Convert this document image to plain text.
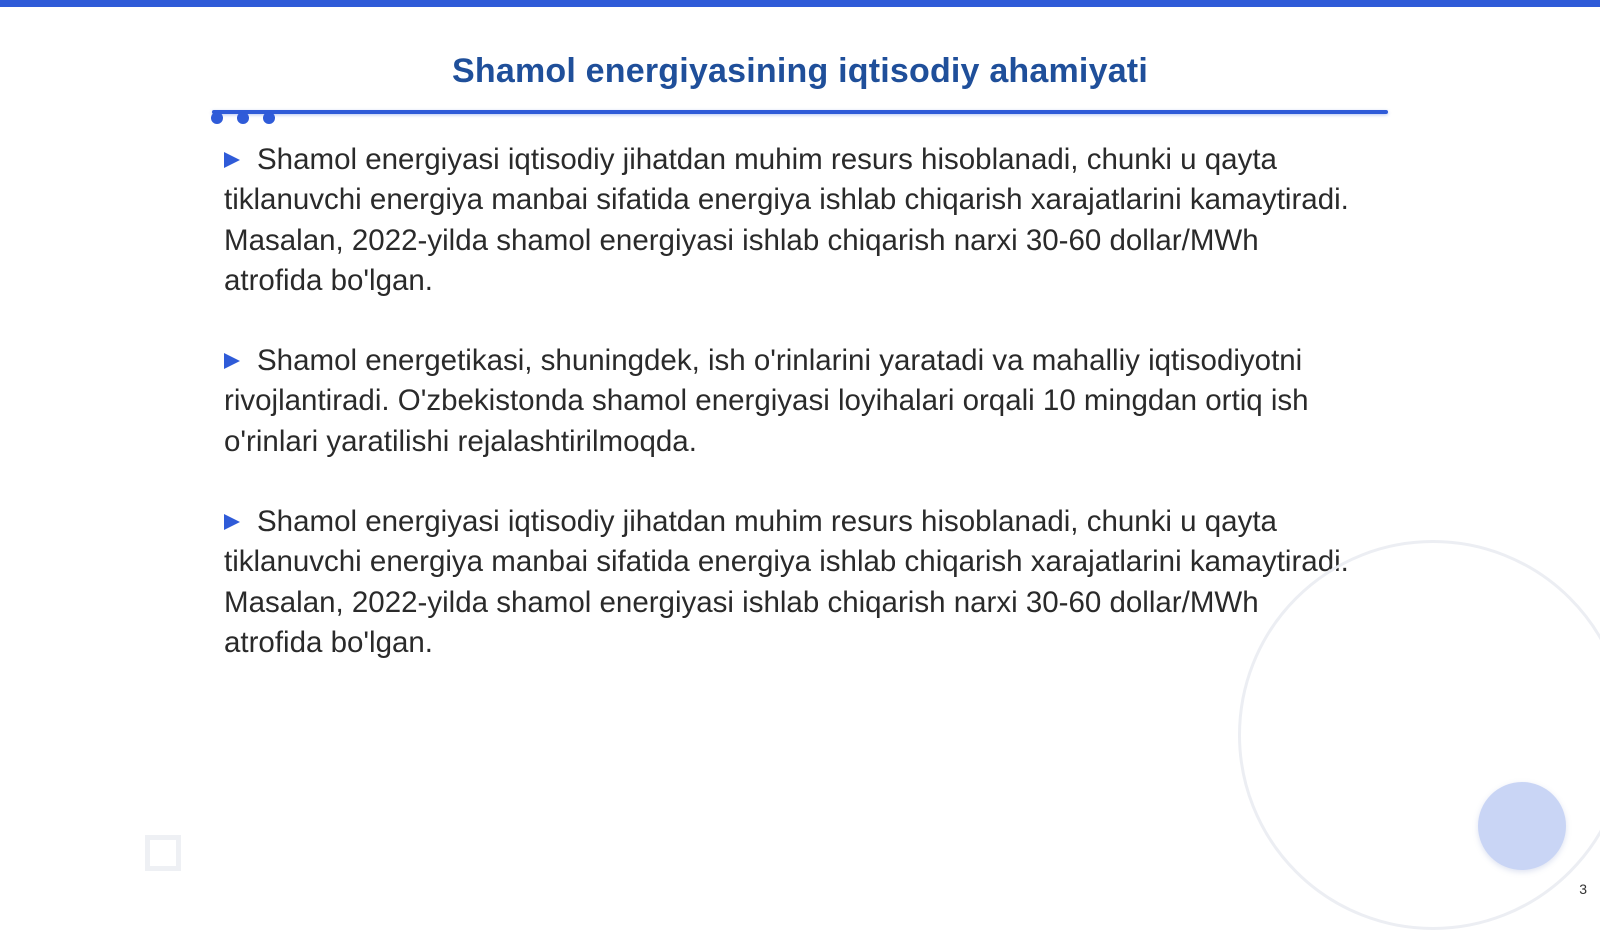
Shamol energiyasining iqtisodiy ahamiyati

Shamol energiyasi iqtisodiy jihatdan muhim resurs hisoblanadi, chunki u qayta tiklanuvchi energiya manbai sifatida energiya ishlab chiqarish xarajatlarini kamaytiradi. Masalan, 2022-yilda shamol energiyasi ishlab chiqarish narxi 30-60 dollar/MWh atrofida bo'lgan.

Shamol energetikasi, shuningdek, ish o'rinlarini yaratadi va mahalliy iqtisodiyotni rivojlantiradi. O'zbekistonda shamol energiyasi loyihalari orqali 10 mingdan ortiq ish o'rinlari yaratilishi rejalashtirilmoqda.

Shamol energiyasi iqtisodiy jihatdan muhim resurs hisoblanadi, chunki u qayta tiklanuvchi energiya manbai sifatida energiya ishlab chiqarish xarajatlarini kamaytiradi. Masalan, 2022-yilda shamol energiyasi ishlab chiqarish narxi 30-60 dollar/MWh atrofida bo'lgan.

3
